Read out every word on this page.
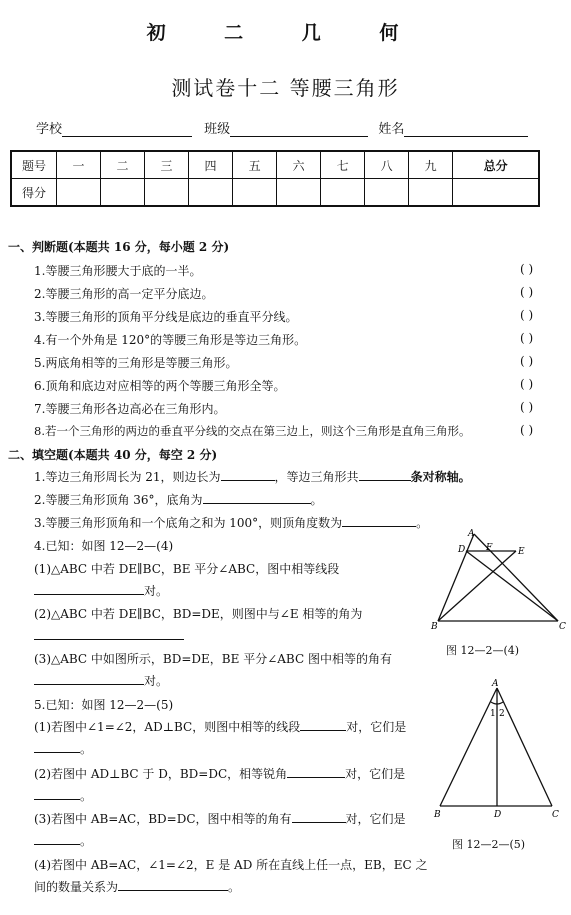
初 二 几 何
测试卷十二 等腰三角形
学校	班级	姓名
题号	一	二	三	四	五	六	七	八	九	总分
得分										
一、判断题(本题共 16 分，每小题 2 分)
1.等腰三角形腰大于底的一半。
2.等腰三角形的高一定平分底边。
3.等腰三角形的顶角平分线是底边的垂直平分线。
4.有一个外角是 120°的等腰三角形是等边三角形。
5.两底角相等的三角形是等腰三角形。
6.顶角和底边对应相等的两个等腰三角形全等。
7.等腰三角形各边高必在三角形内。
8.若一个三角形的两边的垂直平分线的交点在第三边上，则这个三角形是直角三角形。
( )
( )
( )
( )
( )
( )
( )
( )
二、填空题(本题共 40 分，每空 2 分)
1.等边三角形周长为 21，则边长为	，等边三角形共	条对称轴。
2.等腰三角形顶角 36°，底角为	。
3.等腰三角形顶角和一个底角之和为 100°，则顶角度数为	。
4.已知：如图 12—2—(4)
(1)△ABC 中若 DE∥BC，BE 平分∠ABC，图中相等线段
对。
(2)△ABC 中若 DE∥BC，BD=DE，则图中与∠E 相等的角为
(3)△ABC 中如图所示，BD=DE，BE 平分∠ABC 图中相等的角有
对。
5.已知：如图 12—2—(5)
(1)若图中∠1=∠2，AD⊥BC，则图中相等的线段	对，它们是
。
(2)若图中 AD⊥BC 于 D，BD=DC，相等锐角	对，它们是
。
(3)若图中 AB=AC，BD=DC，图中相等的角有	对，它们是
。
(4)若图中 AB=AC，∠1=∠2，E 是 AD 所在直线上任一点，EB，EC 之
间的数量关系为	。
A
D F	E
B	C
图 12—2—(4)
A
1 2
B	D	C
图 12—2—(5)
